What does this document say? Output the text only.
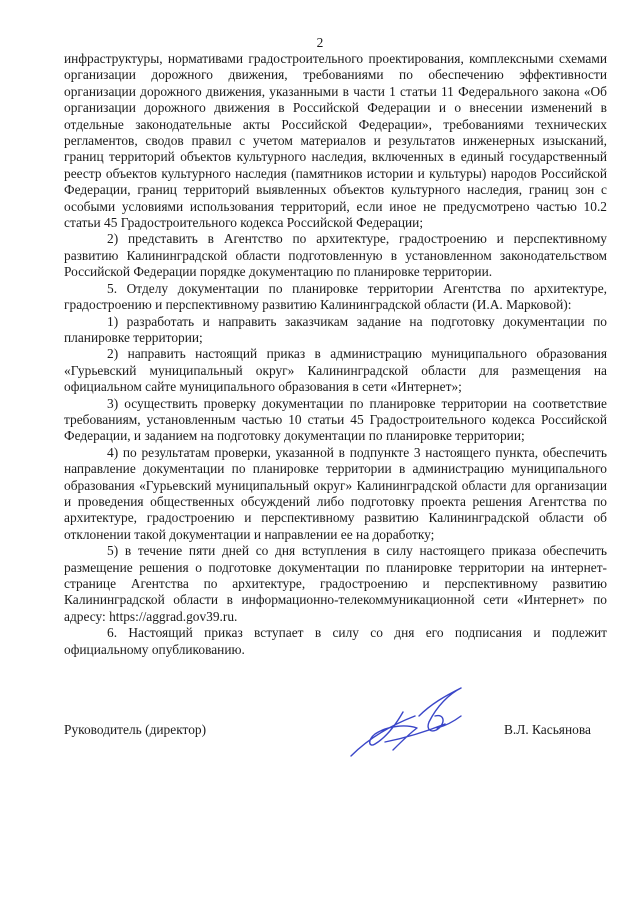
2

инфраструктуры, нормативами градостроительного проектирования, комплексными схемами организации дорожного движения, требованиями по обеспечению эффективности организации дорожного движения, указанными в части 1 статьи 11 Федерального закона «Об организации дорожного движения в Российской Федерации и о внесении изменений в отдельные законодательные акты Российской Федерации», требованиями технических регламентов, сводов правил с учетом материалов и результатов инженерных изысканий, границ территорий объектов культурного наследия, включенных в единый государственный реестр объектов культурного наследия (памятников истории и культуры) народов Российской Федерации, границ территорий выявленных объектов культурного наследия, границ зон с особыми условиями использования территорий, если иное не предусмотрено частью 10.2 статьи 45 Градостроительного кодекса Российской Федерации;

2) представить в Агентство по архитектуре, градостроению и перспективному развитию Калининградской области подготовленную в установленном законодательством Российской Федерации порядке документацию по планировке территории.

5. Отделу документации по планировке территории Агентства по архитектуре, градостроению и перспективному развитию Калининградской области (И.А. Марковой):

1) разработать и направить заказчикам задание на подготовку документации по планировке территории;

2) направить настоящий приказ в администрацию муниципального образования «Гурьевский муниципальный округ» Калининградской области для размещения на официальном сайте муниципального образования в сети «Интернет»;

3) осуществить проверку документации по планировке территории на соответствие требованиям, установленным частью 10 статьи 45 Градостроительного кодекса Российской Федерации, и заданием на подготовку документации по планировке территории;

4) по результатам проверки, указанной в подпункте 3 настоящего пункта, обеспечить направление документации по планировке территории в администрацию муниципального образования «Гурьевский муниципальный округ» Калининградской области для организации и проведения общественных обсуждений либо подготовку проекта решения Агентства по архитектуре, градостроению и перспективному развитию Калининградской области об отклонении такой документации и направлении ее на доработку;

5) в течение пяти дней со дня вступления в силу настоящего приказа обеспечить размещение решения о подготовке документации по планировке территории на интернет-странице Агентства по архитектуре, градостроению и перспективному развитию Калининградской области в информационно-телекоммуникационной сети «Интернет» по адресу: https://aggrad.gov39.ru.

6. Настоящий приказ вступает в силу со дня его подписания и подлежит официальному опубликованию.

Руководитель (директор)	В.Л. Касьянова
